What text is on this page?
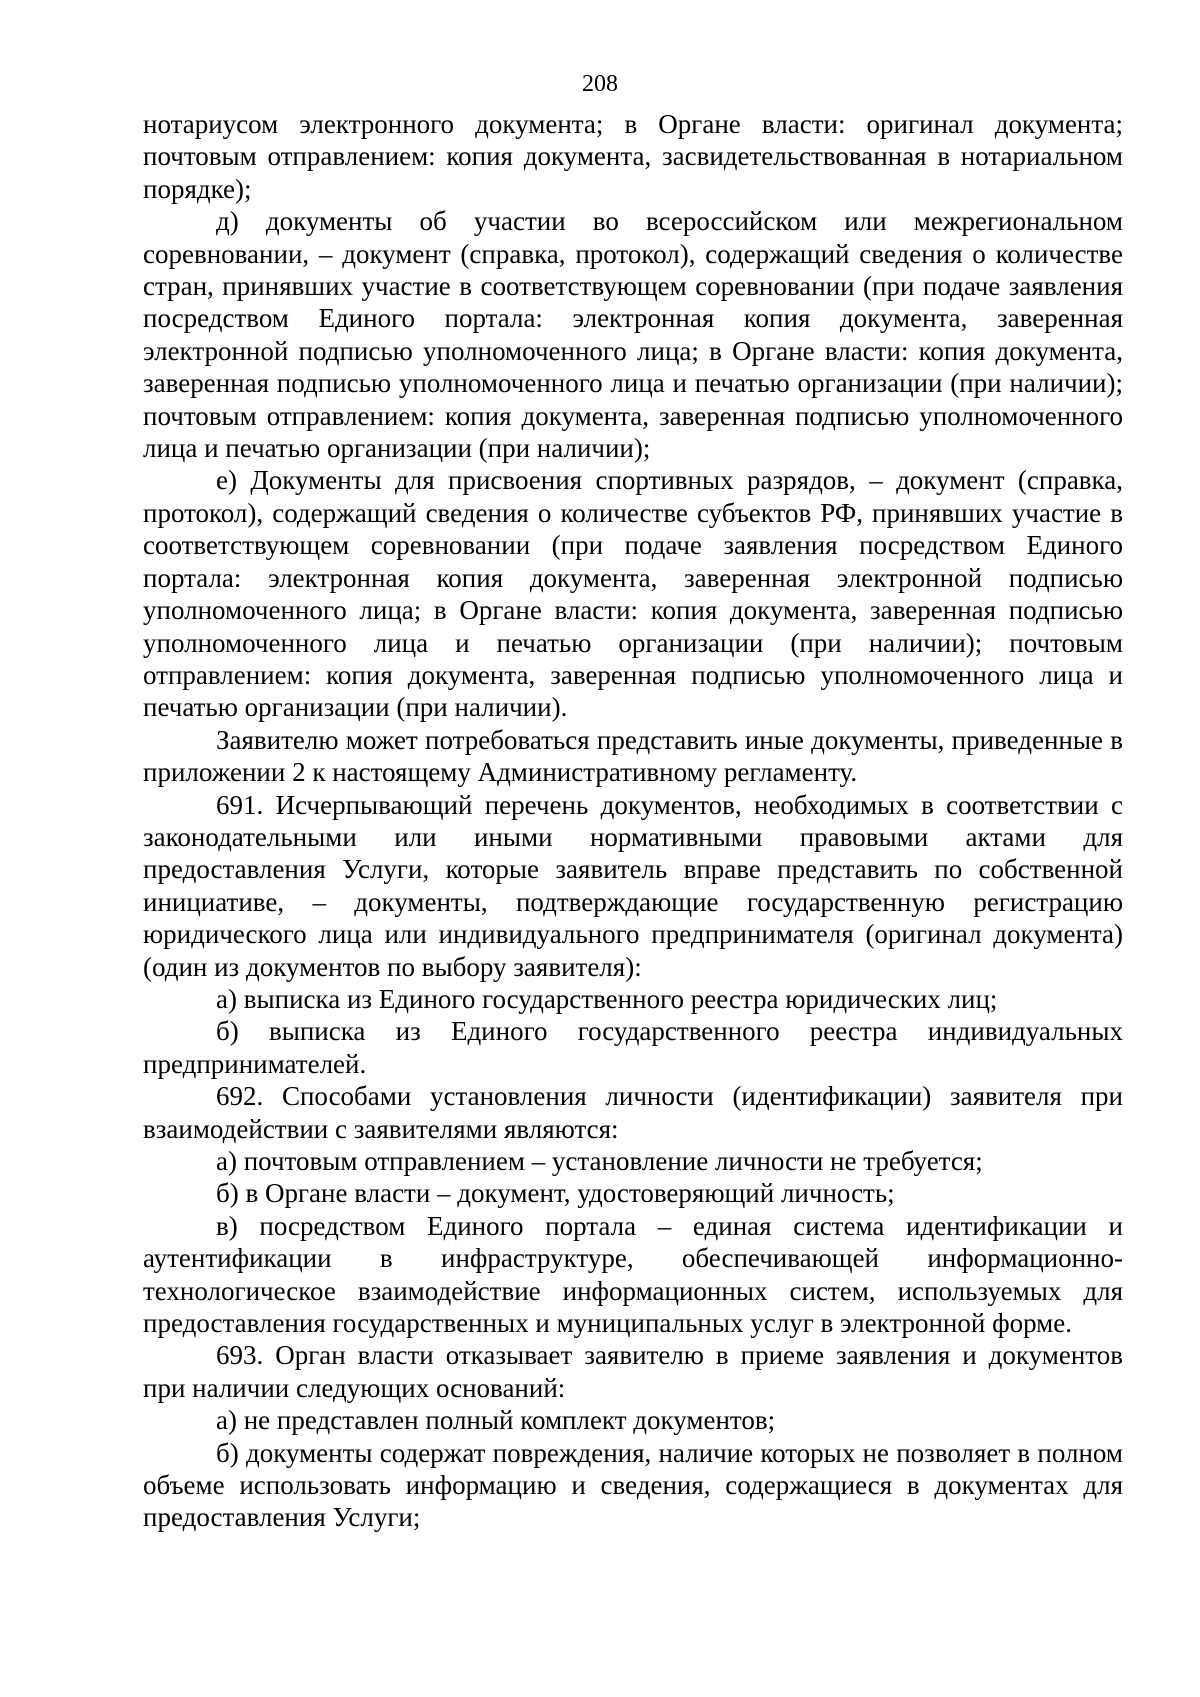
208

нотариусом электронного документа; в Органе власти: оригинал документа; почтовым отправлением: копия документа, засвидетельствованная в нотариальном порядке);

д) документы об участии во всероссийском или межрегиональном соревновании, – документ (справка, протокол), содержащий сведения о количестве стран, принявших участие в соответствующем соревновании (при подаче заявления посредством Единого портала: электронная копия документа, заверенная электронной подписью уполномоченного лица; в Органе власти: копия документа, заверенная подписью уполномоченного лица и печатью организации (при наличии); почтовым отправлением: копия документа, заверенная подписью уполномоченного лица и печатью организации (при наличии);

е) Документы для присвоения спортивных разрядов, – документ (справка, протокол), содержащий сведения о количестве субъектов РФ, принявших участие в соответствующем соревновании (при подаче заявления посредством Единого портала: электронная копия документа, заверенная электронной подписью уполномоченного лица; в Органе власти: копия документа, заверенная подписью уполномоченного лица и печатью организации (при наличии); почтовым отправлением: копия документа, заверенная подписью уполномоченного лица и печатью организации (при наличии).

Заявителю может потребоваться представить иные документы, приведенные в приложении 2 к настоящему Административному регламенту.

691. Исчерпывающий перечень документов, необходимых в соответствии с законодательными или иными нормативными правовыми актами для предоставления Услуги, которые заявитель вправе представить по собственной инициативе, – документы, подтверждающие государственную регистрацию юридического лица или индивидуального предпринимателя (оригинал документа) (один из документов по выбору заявителя):

а) выписка из Единого государственного реестра юридических лиц;

б) выписка из Единого государственного реестра индивидуальных предпринимателей.

692. Способами установления личности (идентификации) заявителя при взаимодействии с заявителями являются:

а) почтовым отправлением – установление личности не требуется;

б) в Органе власти – документ, удостоверяющий личность;

в) посредством Единого портала – единая система идентификации и аутентификации в инфраструктуре, обеспечивающей информационно-технологическое взаимодействие информационных систем, используемых для предоставления государственных и муниципальных услуг в электронной форме.

693. Орган власти отказывает заявителю в приеме заявления и документов при наличии следующих оснований:

а) не представлен полный комплект документов;

б) документы содержат повреждения, наличие которых не позволяет в полном объеме использовать информацию и сведения, содержащиеся в документах для предоставления Услуги;
